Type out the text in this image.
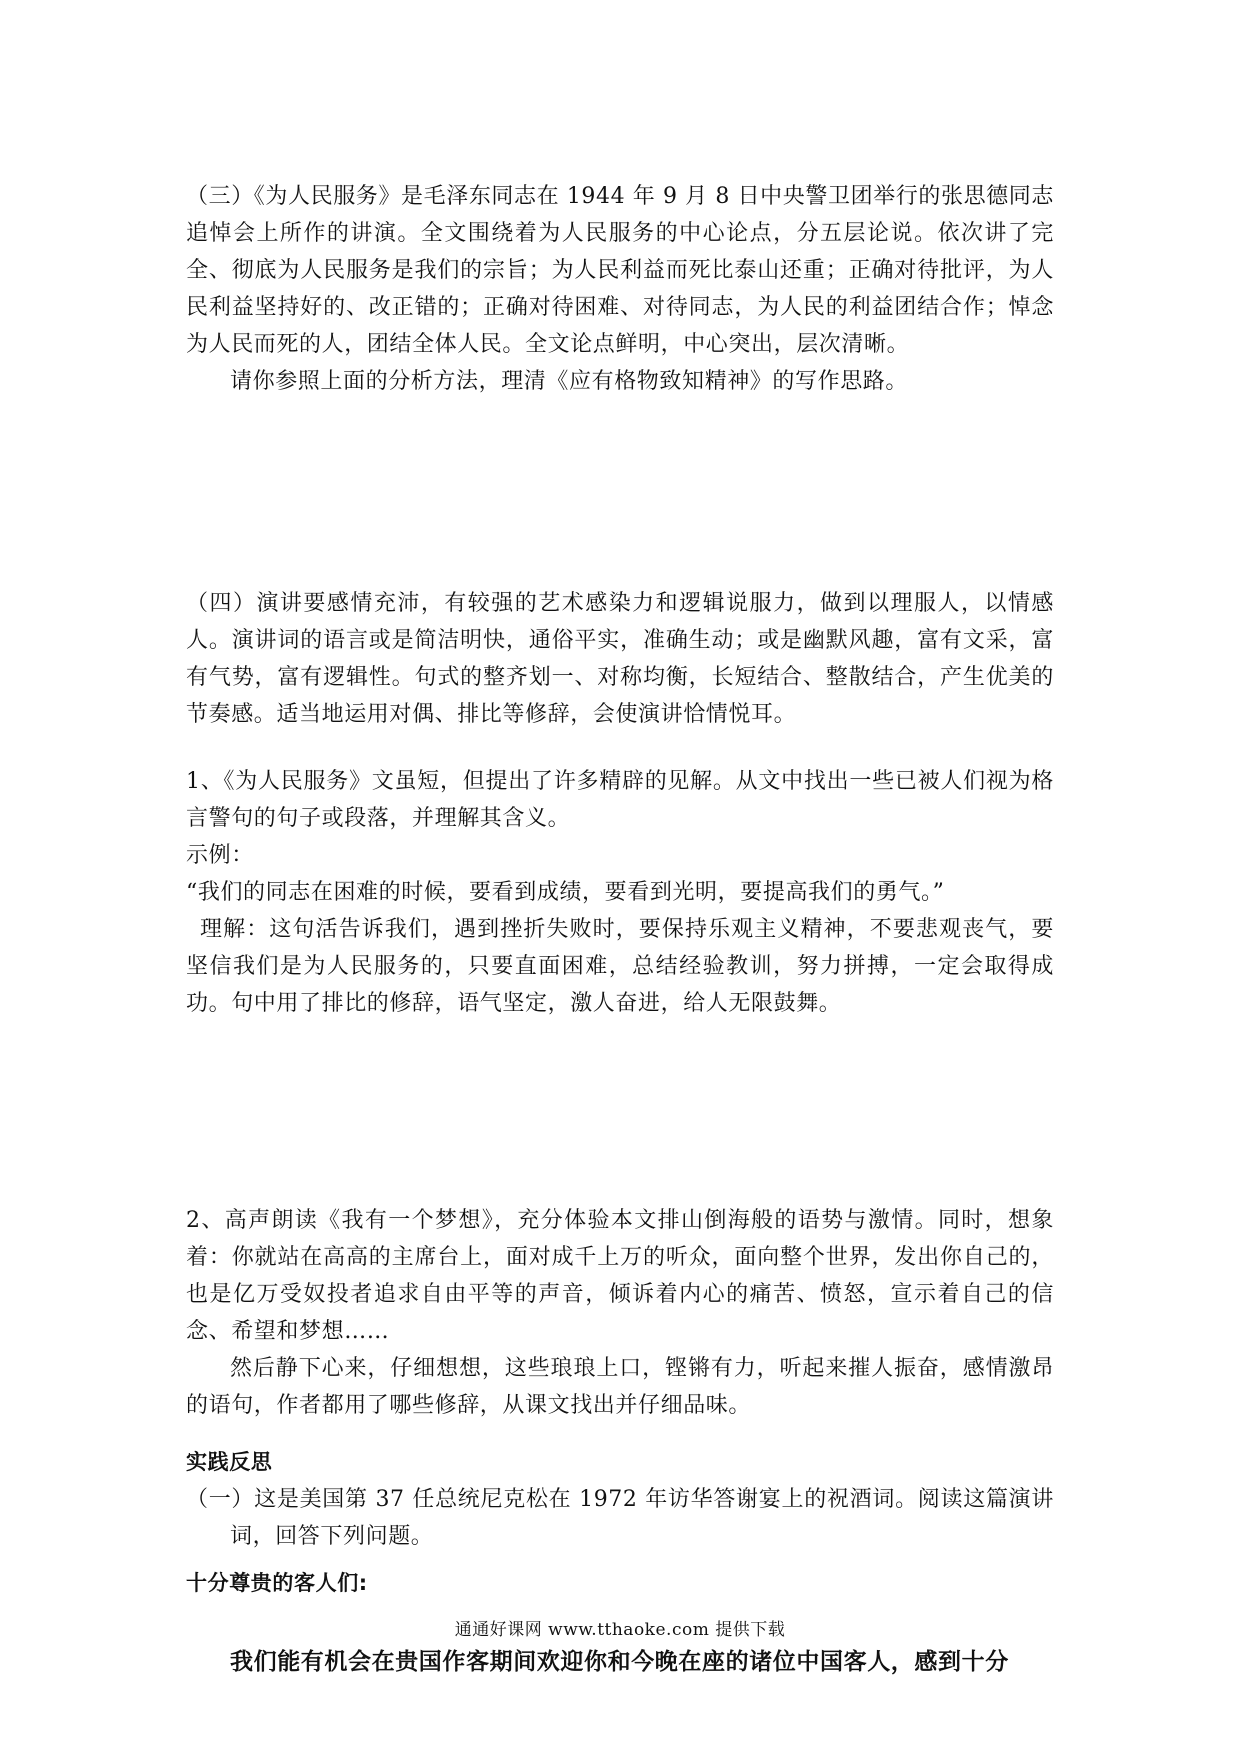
（三）《为人民服务》是毛泽东同志在 1944 年 9 月 8 日中央警卫团举行的张思德同志追悼会上所作的讲演。全文围绕着为人民服务的中心论点，分五层论说。依次讲了完全、彻底为人民服务是我们的宗旨；为人民利益而死比泰山还重；正确对待批评，为人民利益坚持好的、改正错的；正确对待困难、对待同志，为人民的利益团结合作；悼念为人民而死的人，团结全体人民。全文论点鲜明，中心突出，层次清晰。

请你参照上面的分析方法，理清《应有格物致知精神》的写作思路。

（四）演讲要感情充沛，有较强的艺术感染力和逻辑说服力，做到以理服人，以情感人。演讲词的语言或是简洁明快，通俗平实，准确生动；或是幽默风趣，富有文采，富有气势，富有逻辑性。句式的整齐划一、对称均衡，长短结合、整散结合，产生优美的节奏感。适当地运用对偶、排比等修辞，会使演讲恰情悦耳。

1、《为人民服务》文虽短，但提出了许多精辟的见解。从文中找出一些已被人们视为格言警句的句子或段落，并理解其含义。

示例：

“我们的同志在困难的时候，要看到成绩，要看到光明，要提高我们的勇气。”

理解：这句活告诉我们，遇到挫折失败时，要保持乐观主义精神，不要悲观丧气，要坚信我们是为人民服务的，只要直面困难，总结经验教训，努力拼搏，一定会取得成功。句中用了排比的修辞，语气坚定，激人奋进，给人无限鼓舞。

2、高声朗读《我有一个梦想》，充分体验本文排山倒海般的语势与激情。同时，想象着：你就站在高高的主席台上，面对成千上万的听众，面向整个世界，发出你自己的，也是亿万受奴投者追求自由平等的声音，倾诉着内心的痛苦、愤怒，宣示着自己的信念、希望和梦想……

然后静下心来，仔细想想，这些琅琅上口，铿锵有力，听起来摧人振奋，感情激昂的语句，作者都用了哪些修辞，从课文找出并仔细品味。

实践反思

（一）这是美国第 37 任总统尼克松在 1972 年访华答谢宴上的祝酒词。阅读这篇演讲词，回答下列问题。

十分尊贵的客人们:

我们能有机会在贵国作客期间欢迎你和今晚在座的诸位中国客人，感到十分

通通好课网 www.tthaoke.com 提供下载
